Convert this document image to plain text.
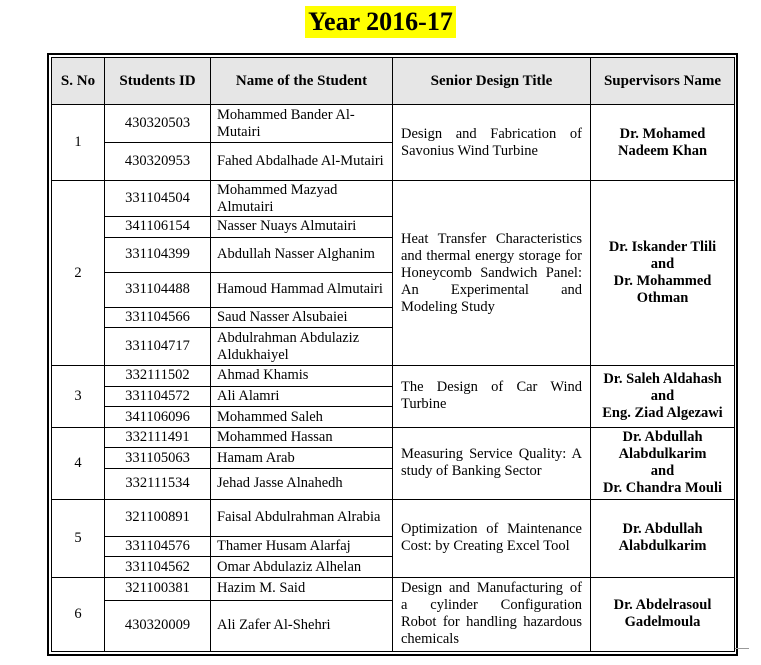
Year 2016-17
S. No	Students ID	Name of the Student	Senior Design Title	Supervisors Name
1	430320503	Mohammed Bander Al-Mutairi	Design and Fabrication of Savonius Wind Turbine	Dr. Mohamed
Nadeem Khan

	430320953	Fahed Abdalhade Al-Mutairi		
2	331104504	Mohammed Mazyad Almutairi	Heat Transfer Characteristics and thermal energy storage for Honeycomb Sandwich Panel: An Experimental and Modeling Study	Dr. Iskander Tlili
and
Dr. Mohammed
Othman

	341106154	Nasser Nuays Almutairi		
	331104399	Abdullah Nasser Alghanim		
	331104488	Hamoud Hammad Almutairi		
	331104566	Saud Nasser Alsubaiei		
	331104717	Abdulrahman Abdulaziz Aldukhaiyel		
3	332111502	Ahmad Khamis	The Design of Car Wind Turbine	Dr. Saleh Aldahash
and
Eng. Ziad Algezawi

	331104572	Ali Alamri		
	341106096	Mohammed Saleh		
4	332111491	Mohammed Hassan	Measuring Service Quality: A study of Banking Sector	Dr. Abdullah
Alabdulkarim
and
Dr. Chandra Mouli

	331105063	Hamam Arab		
	332111534	Jehad Jasse Alnahedh		
5	321100891	Faisal Abdulrahman Alrabia	Optimization of Maintenance Cost: by Creating Excel Tool	Dr. Abdullah
Alabdulkarim

	331104576	Thamer Husam Alarfaj		
	331104562	Omar Abdulaziz Alhelan		
6	321100381	Hazim M. Said	Design and Manufacturing of a cylinder Configuration Robot for handling hazardous chemicals	Dr. Abdelrasoul
Gadelmoula

	430320009	Ali Zafer Al-Shehri		
